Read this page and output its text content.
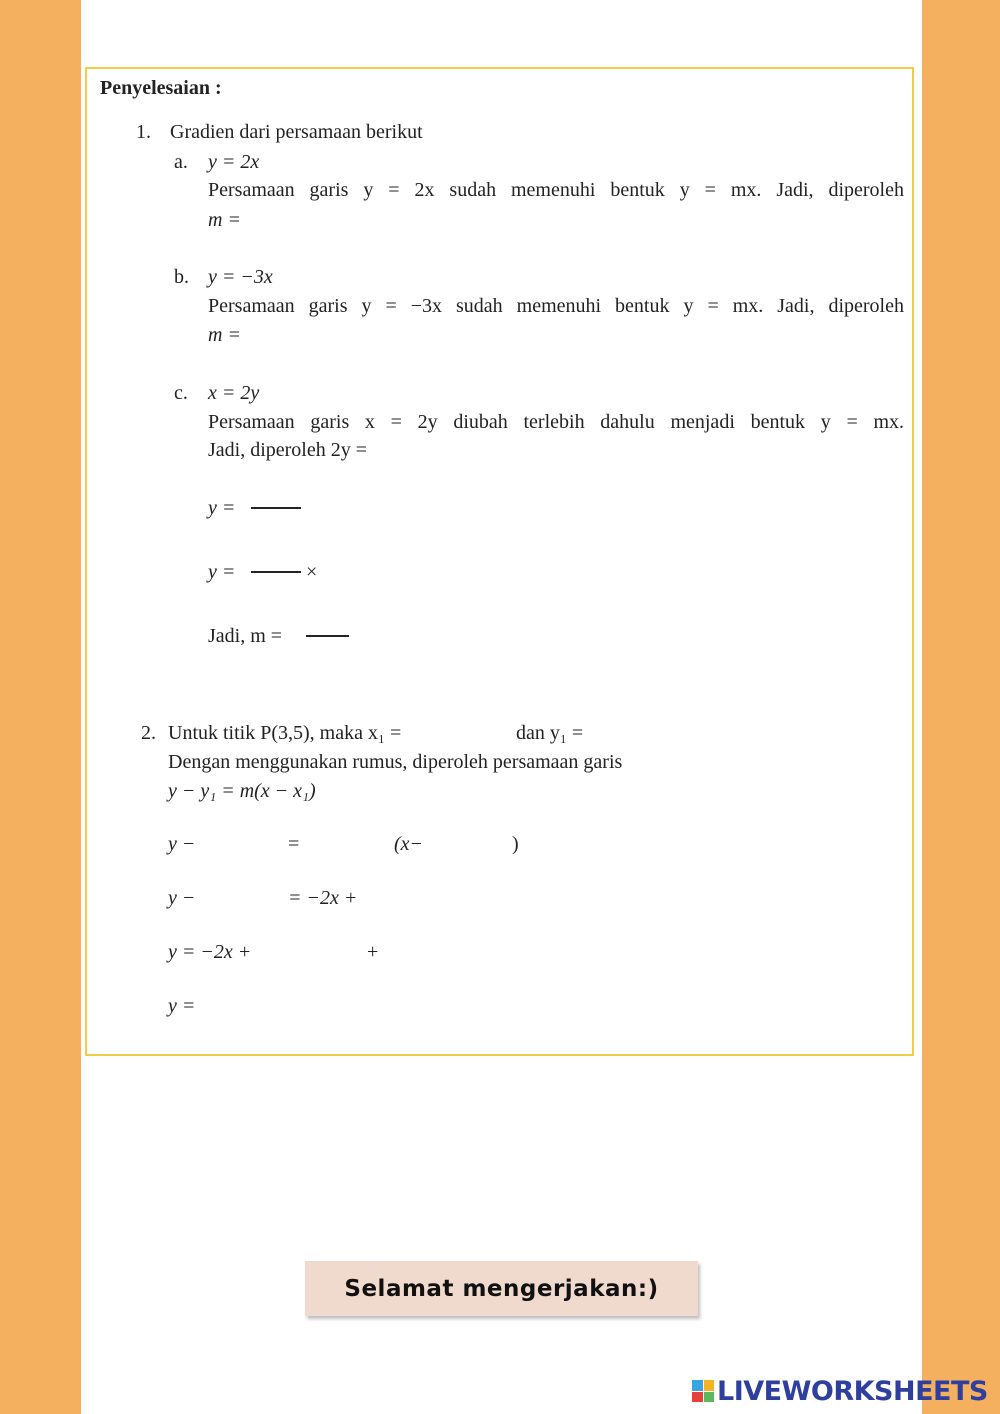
Penyelesaian :
1. Gradien dari persamaan berikut
a. y = 2x
Persamaan garis y = 2x sudah memenuhi bentuk y = mx. Jadi, diperoleh
m =
b. y = −3x
Persamaan garis y = −3x sudah memenuhi bentuk y = mx. Jadi, diperoleh
m =
c. x = 2y
Persamaan garis x = 2y diubah terlebih dahulu menjadi bentuk y = mx.
Jadi, diperoleh 2y =
y =
y =	×
Jadi, m =
2. Untuk titik P(3,5), maka x₁ =	dan y₁ =
Dengan menggunakan rumus, diperoleh persamaan garis
y − y₁ = m(x − x₁)
y −	=	(x−	)
y −	= −2x +
y = −2x +	+
y =
Selamat mengerjakan:)
LIVEWORKSHEETS
